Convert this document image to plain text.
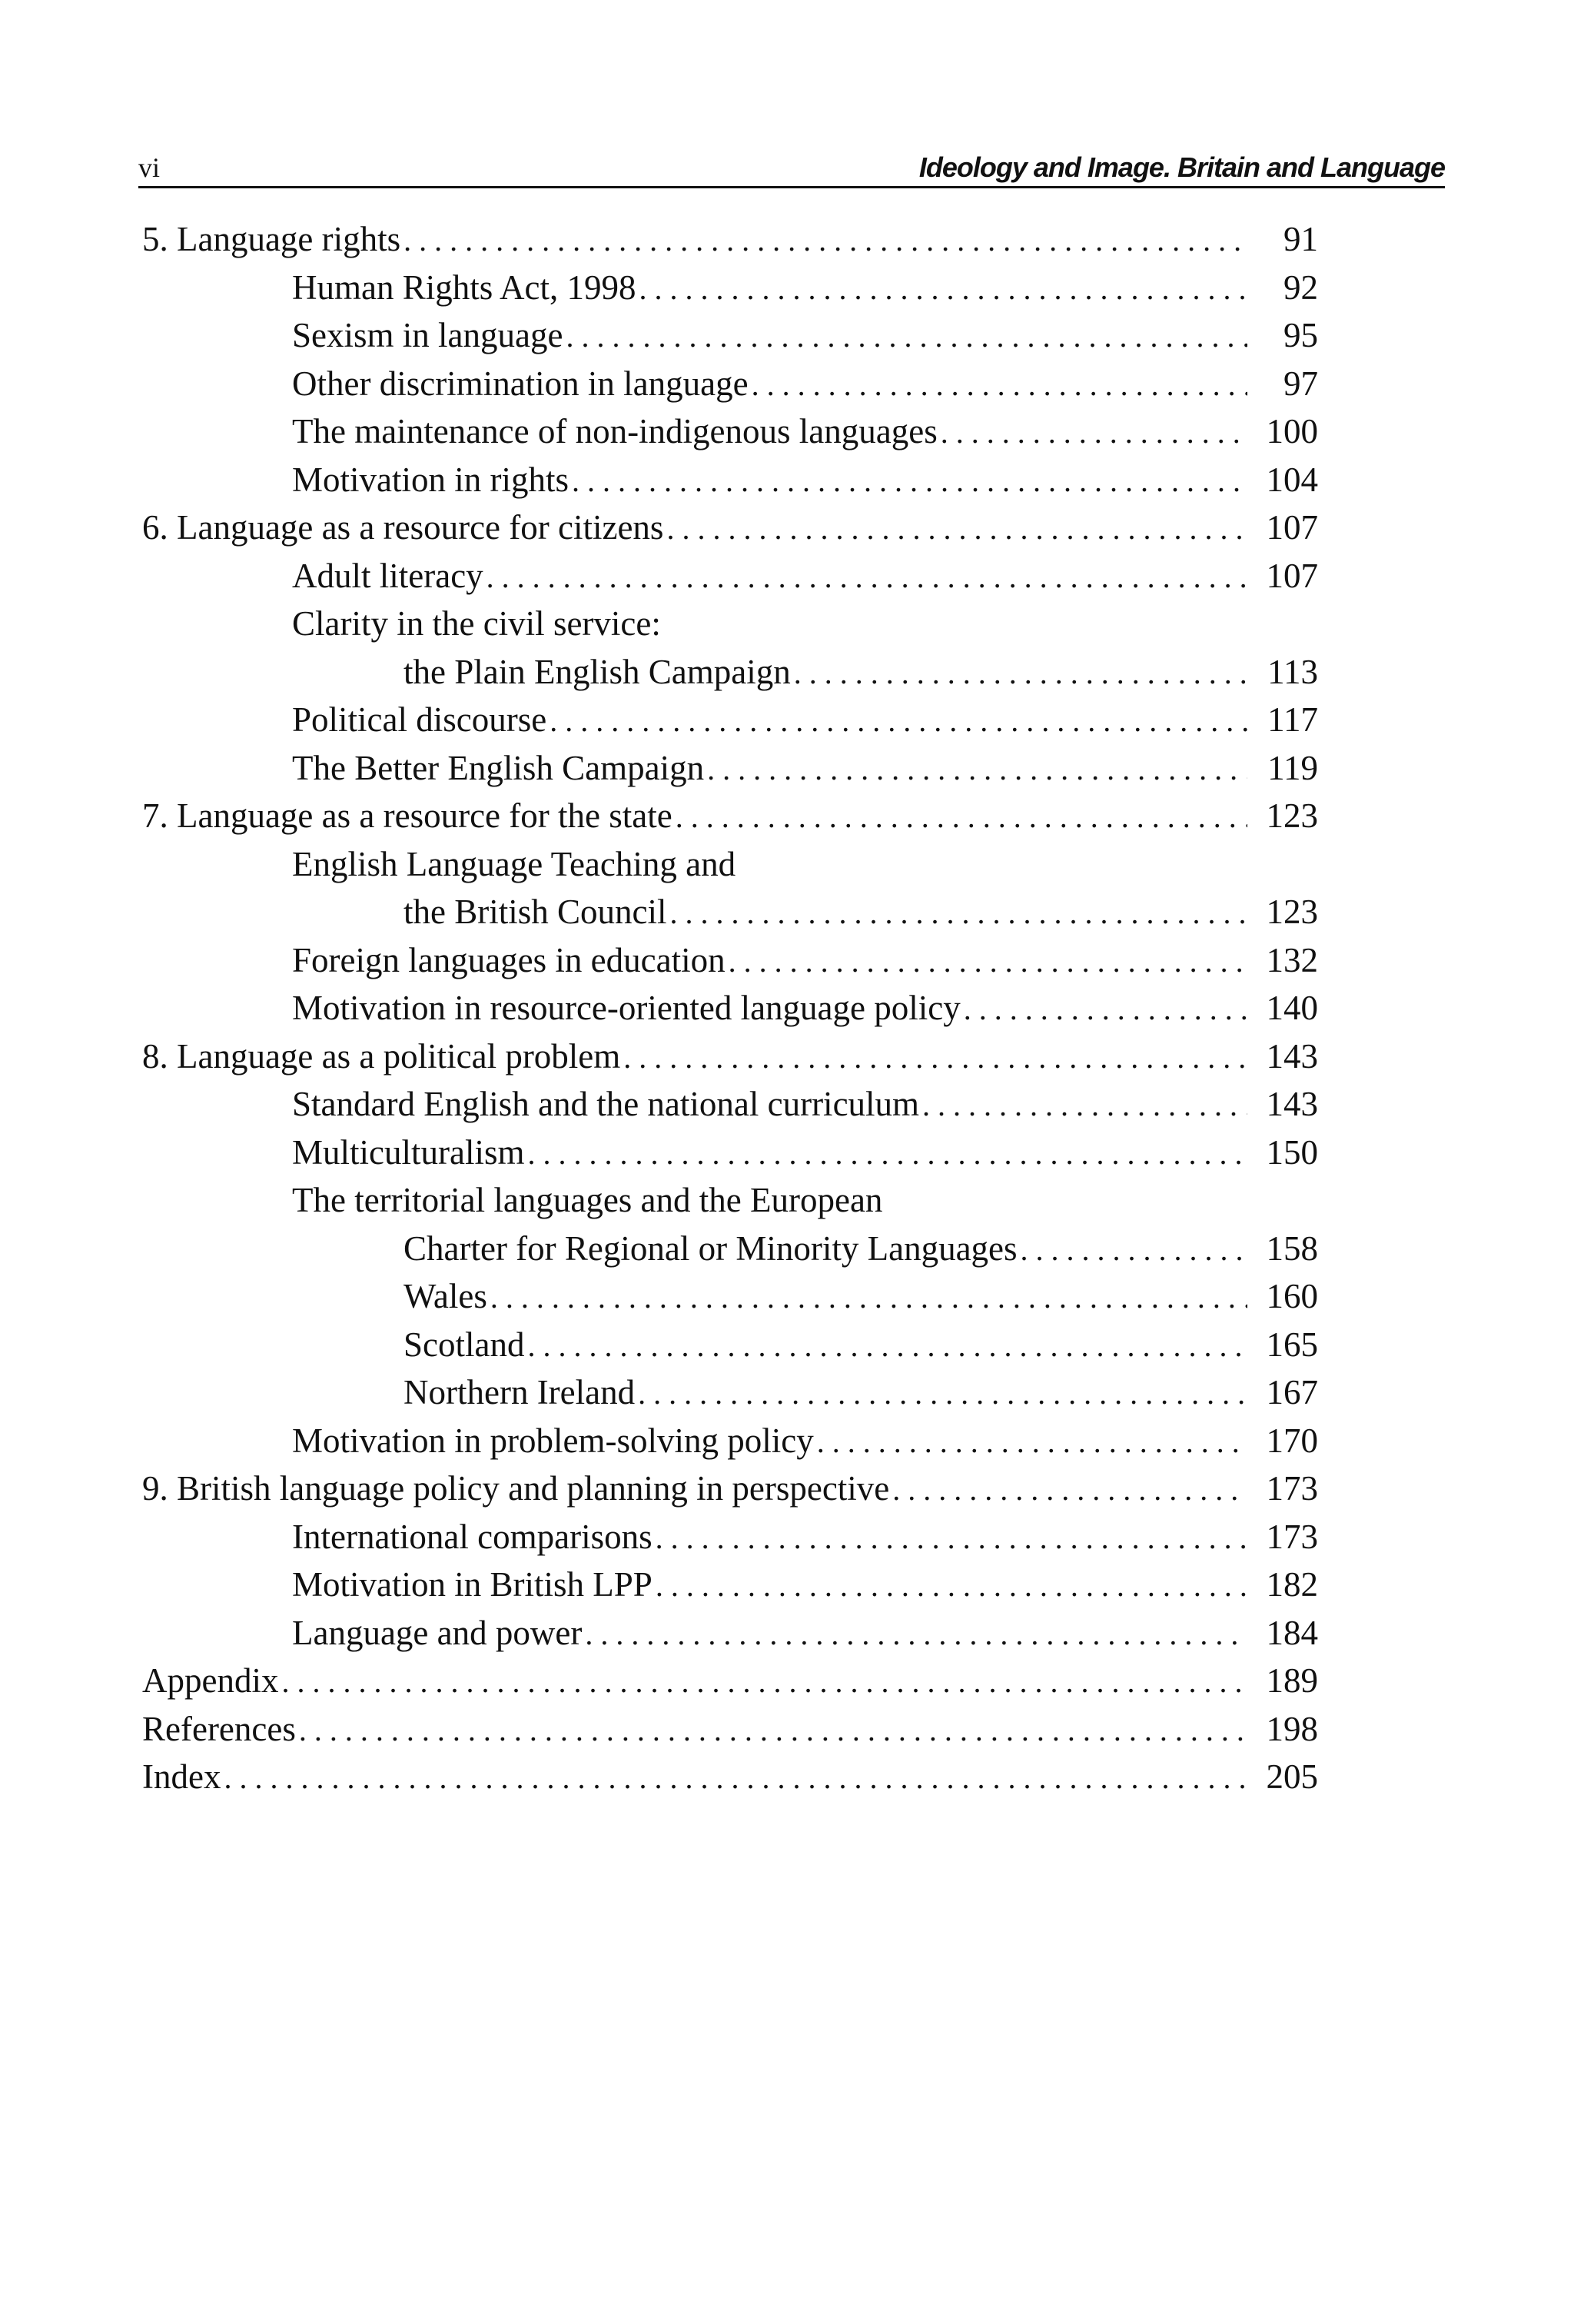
vi	Ideology and Image. Britain and Language
5. Language rights . . .	91
Human Rights Act, 1998 . . .	92
Sexism in language . . .	95
Other discrimination in language . . .	97
The maintenance of non-indigenous languages . . .	100
Motivation in rights . . .	104
6. Language as a resource for citizens . . .	107
Adult literacy . . .	107
Clarity in the civil service:
the Plain English Campaign . . .	113
Political discourse . . .	117
The Better English Campaign . . .	119
7. Language as a resource for the state . . .	123
English Language Teaching and
the British Council . . .	123
Foreign languages in education . . .	132
Motivation in resource-oriented language policy . . .	140
8. Language as a political problem . . .	143
Standard English and the national curriculum . . .	143
Multiculturalism . . .	150
The territorial languages and the European
Charter for Regional or Minority Languages . . .	158
Wales . . .	160
Scotland . . .	165
Northern Ireland . . .	167
Motivation in problem-solving policy . . .	170
9. British language policy and planning in perspective . . .	173
International comparisons . . .	173
Motivation in British LPP . . .	182
Language and power . . .	184
Appendix . . .	189
References . . .	198
Index . . .	205
